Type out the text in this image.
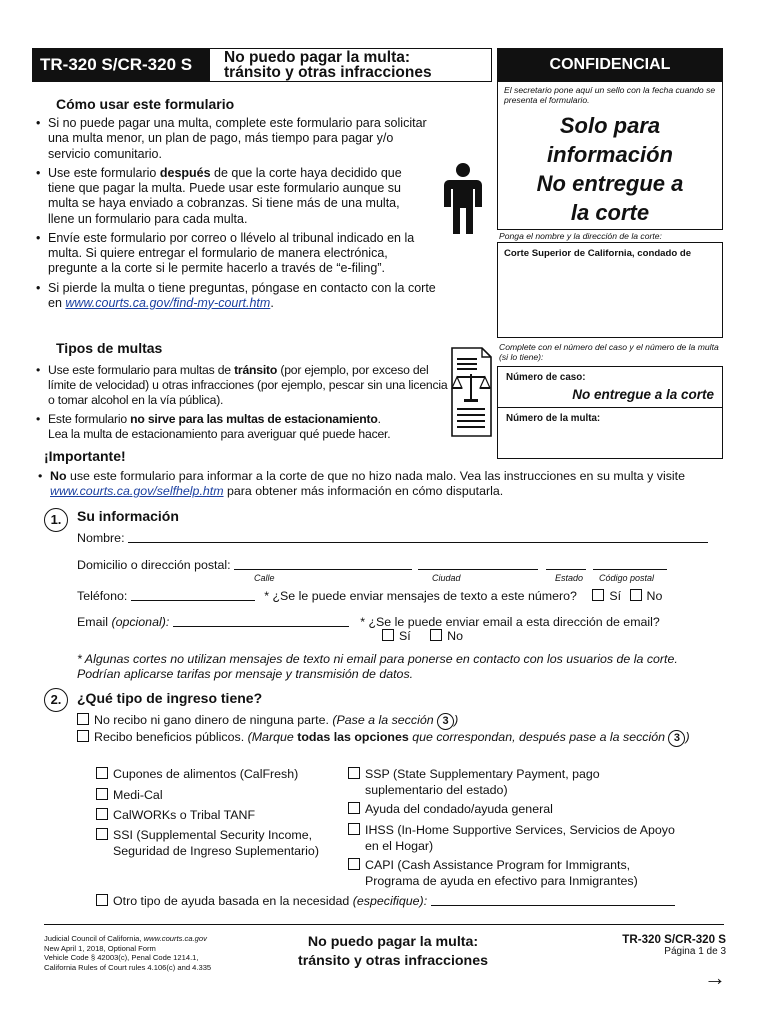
TR-320 S/CR-320 S	No puedo pagar la multa:
tránsito y otras infracciones
Cómo usar este formulario
• Si no puede pagar una multa, complete este formulario para solicitar una multa menor, un plan de pago, más tiempo para pagar y/o servicio comunitario.
• Use este formulario después de que la corte haya decidido que tiene que pagar la multa. Puede usar este formulario aunque su multa se haya enviado a cobranzas. Si tiene más de una multa, llene un formulario para cada multa.
• Envíe este formulario por correo o llévelo al tribunal indicado en la multa. Si quiere entregar el formulario de manera electrónica, pregunte a la corte si le permite hacerlo a través de “e-filing”.
• Si pierde la multa o tiene preguntas, póngase en contacto con la corte en www.courts.ca.gov/find-my-court.htm.
Tipos de multas
• Use este formulario para multas de tránsito (por ejemplo, por exceso del límite de velocidad) u otras infracciones (por ejemplo, pescar sin una licencia o tomar alcohol en la vía pública).
• Este formulario no sirve para las multas de estacionamiento.
Lea la multa de estacionamiento para averiguar qué puede hacer.
CONFIDENCIAL
El secretario pone aquí un sello con la fecha cuando se presenta el formulario.
Solo para
información
No entregue a
la corte
Ponga el nombre y la dirección de la corte:
Corte Superior de California, condado de
Complete con el número del caso y el número de la multa (si lo tiene):
Número de caso:
No entregue a la corte
Número de la multa:
¡Importante!
• No use este formulario para informar a la corte de que no hizo nada malo. Vea las instrucciones en su multa y visite www.courts.ca.gov/selfhelp.htm para obtener más información en cómo disputarla.
1.	Su información
Nombre:
Domicilio o dirección postal:
Calle	Ciudad	Estado Código postal
Teléfono:	* ¿Se le puede enviar mensajes de texto a este número?	Sí No
Email (opcional):	* ¿Se le puede enviar email a esta dirección de email?
Sí	No
* Algunas cortes no utilizan mensajes de texto ni email para ponerse en contacto con los usuarios de la corte. Podrían aplicarse tarifas por mensaje y transmisión de datos.
2.	¿Qué tipo de ingreso tiene?
No recibo ni gano dinero de ninguna parte. (Pase a la sección 3 )
Recibo beneficios públicos. (Marque todas las opciones que correspondan, después pase a la sección 3 )
Cupones de alimentos (CalFresh)
Medi-Cal
CalWORKs o Tribal TANF
SSI (Supplemental Security Income, Seguridad de Ingreso Suplementario)
SSP (State Supplementary Payment, pago suplementario del estado)
Ayuda del condado/ayuda general
IHSS (In-Home Supportive Services, Servicios de Apoyo en el Hogar)
CAPI (Cash Assistance Program for Immigrants, Programa de ayuda en efectivo para Inmigrantes)
Otro tipo de ayuda basada en la necesidad (especifique):
Judicial Council of California, www.courts.ca.gov
New April 1, 2018, Optional Form
Vehicle Code § 42003(c), Penal Code 1214.1,
California Rules of Court rules 4.106(c) and 4.335
No puedo pagar la multa:
tránsito y otras infracciones
TR-320 S/CR-320 S
Página 1 de 3
→
